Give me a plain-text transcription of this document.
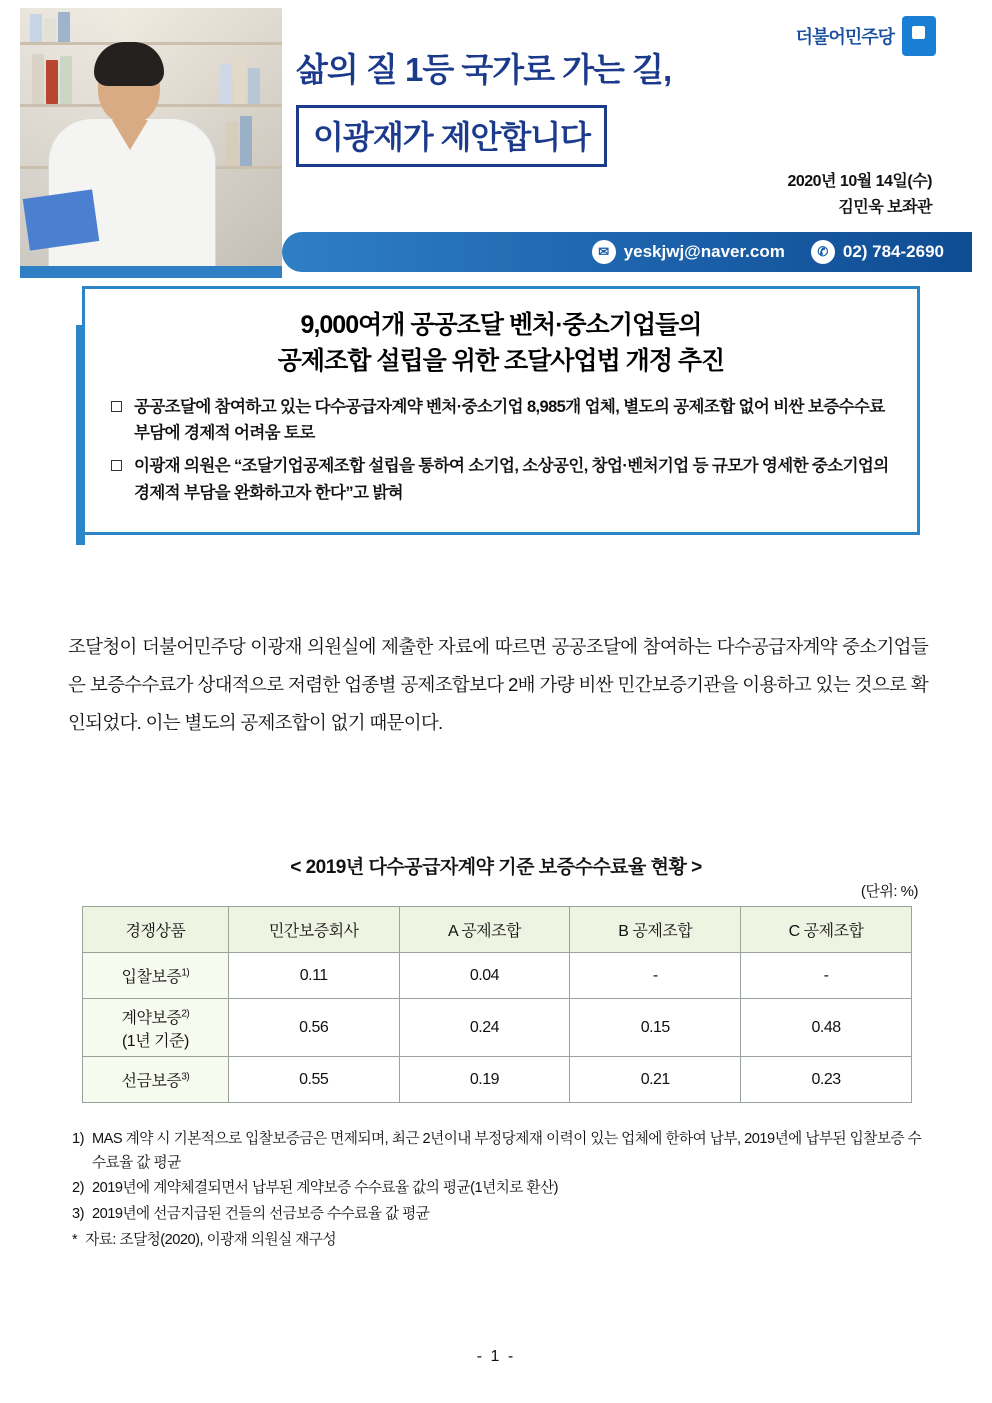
삶의 질 1등 국가로 가는 길,
이광재가 제안합니다
더불어민주당
2020년 10월 14일(수)
김민욱 보좌관
✉ yeskjwj@naver.com	✆ 02) 784-2690
9,000여개 공공조달 벤처·중소기업들의
공제조합 설립을 위한 조달사업법 개정 추진
공공조달에 참여하고 있는 다수공급자계약 벤처·중소기업 8,985개 업체, 별도의 공제조합 없어 비싼 보증수수료 부담에 경제적 어려움 토로
이광재 의원은 “조달기업공제조합 설립을 통하여 소기업, 소상공인, 창업·벤처기업 등 규모가 영세한 중소기업의 경제적 부담을 완화하고자 한다”고 밝혀
조달청이 더불어민주당 이광재 의원실에 제출한 자료에 따르면 공공조달에 참여하는 다수공급자계약 중소기업들은 보증수수료가 상대적으로 저렴한 업종별 공제조합보다 2배 가량 비싼 민간보증기관을 이용하고 있는 것으로 확인되었다. 이는 별도의 공제조합이 없기 때문이다.
< 2019년 다수공급자계약 기준 보증수수료율 현황 >
(단위: %)
경쟁상품	민간보증회사	A 공제조합	B 공제조합	C 공제조합
입찰보증$^{1)}$	0.11	0.04	-	-
계약보증$^{2)}$
(1년 기준)	0.56	0.24	0.15	0.48
선금보증$^{3)}$	0.55	0.19	0.21	0.23
1) MAS 계약 시 기본적으로 입찰보증금은 면제되며, 최근 2년이내 부정당제재 이력이 있는 업체에 한하여 납부, 2019년에 납부된 입찰보증 수수료율 값 평균
2) 2019년에 계약체결되면서 납부된 계약보증 수수료율 값의 평균(1년치로 환산)
3) 2019년에 선금지급된 건들의 선금보증 수수료율 값 평균
* 자료: 조달청(2020), 이광재 의원실 재구성
- 1 -
